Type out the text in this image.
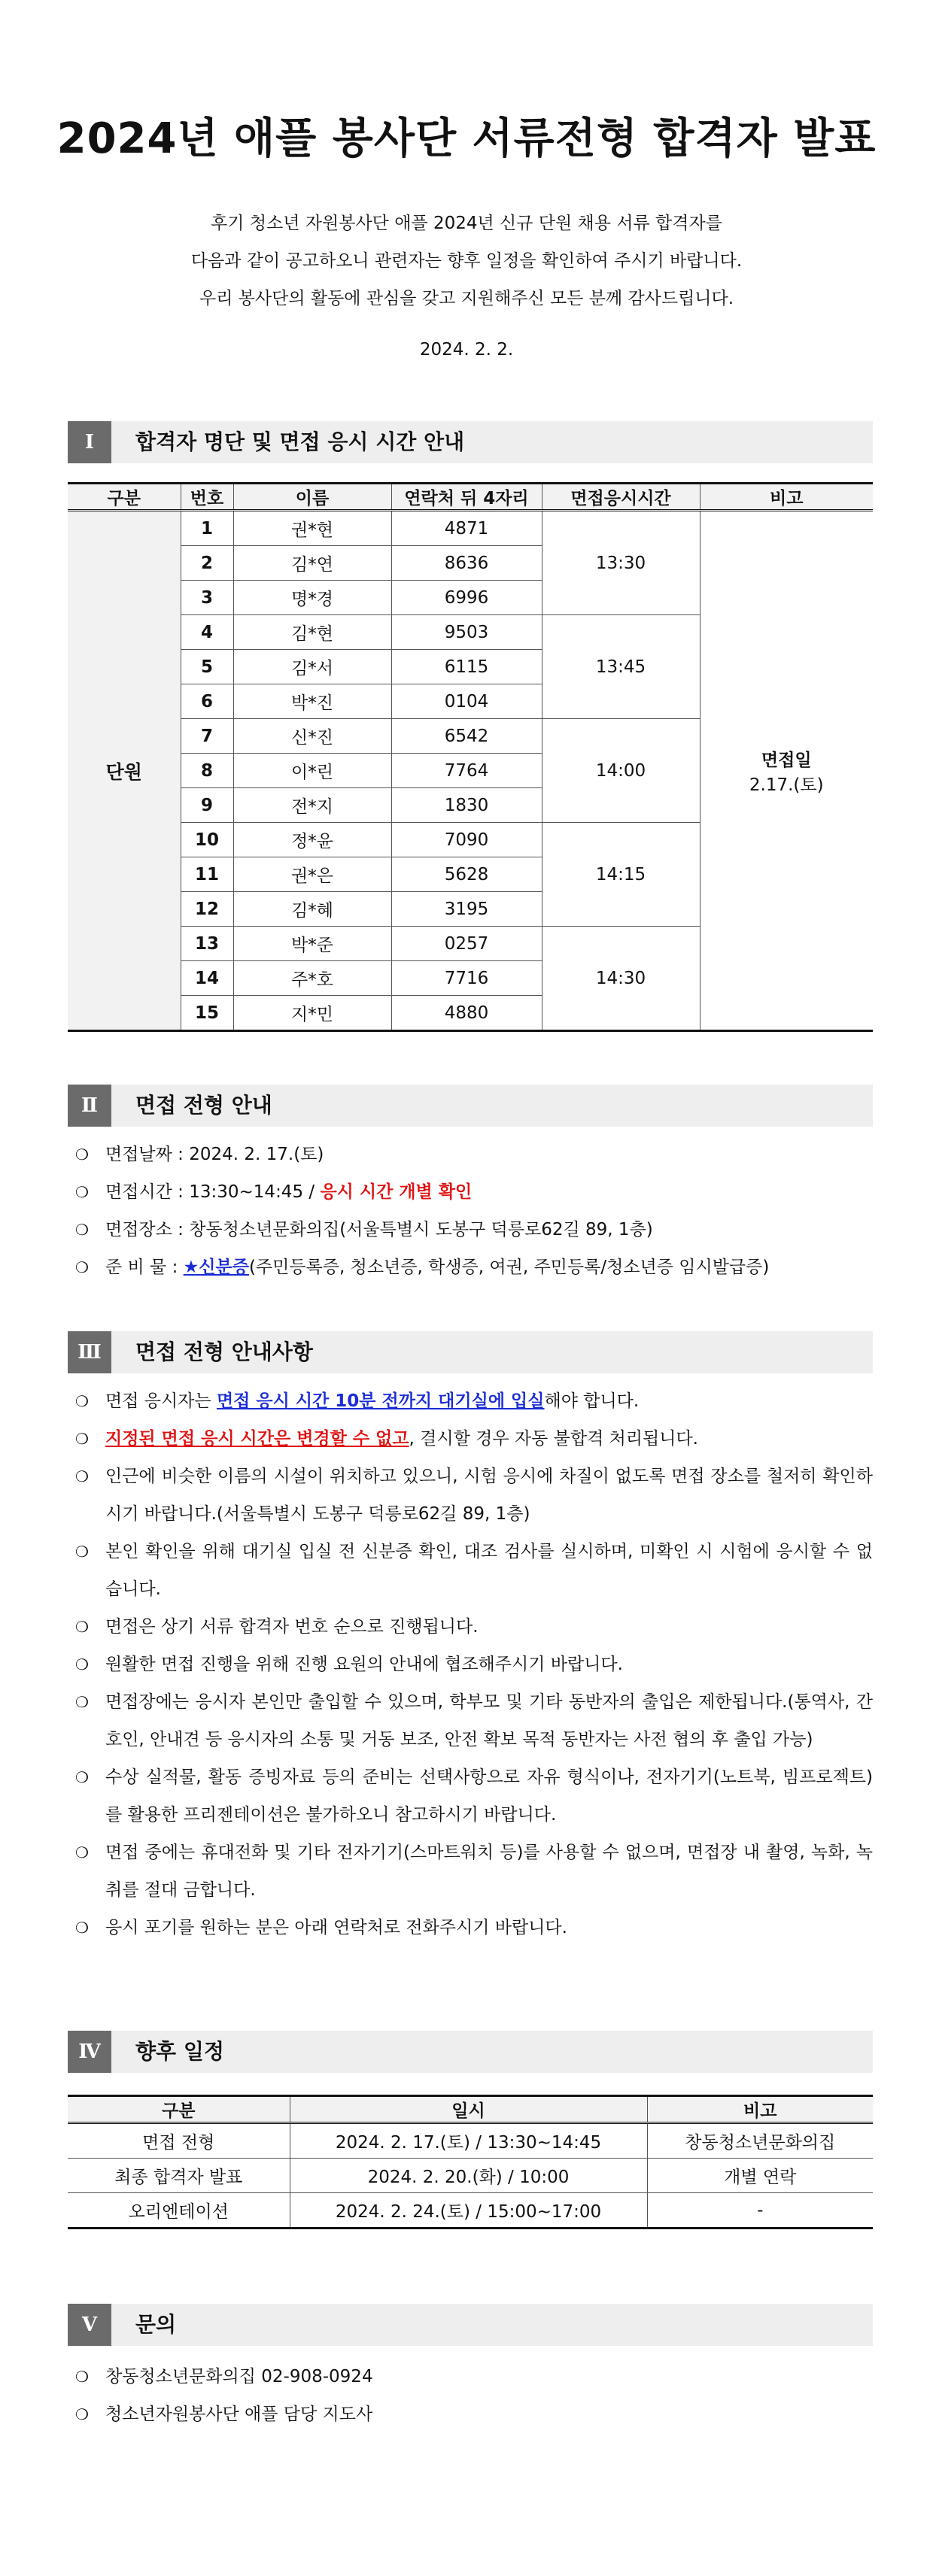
2024년 애플 봉사단 서류전형 합격자 발표
후기 청소년 자원봉사단 애플 2024년 신규 단원 채용 서류 합격자를
다음과 같이 공고하오니 관련자는 향후 일정을 확인하여 주시기 바랍니다.
우리 봉사단의 활동에 관심을 갖고 지원해주신 모든 분께 감사드립니다.
2024. 2. 2.
Ⅰ	합격자 명단 및 면접 응시 시간 안내
구분	번호	이름	연락처 뒤 4자리	면접응시시간	비고
단원	1	권*현	4871	13:30	면접일
2.17.(토)

	2	김*연	8636		
	3	명*경	6996		
	4	김*현	9503	13:45	
	5	김*서	6115		
	6	박*진	0104		
	7	신*진	6542	14:00	
	8	이*린	7764		
	9	전*지	1830		
	10	정*윤	7090	14:15	
	11	권*은	5628		
	12	김*혜	3195		
	13	박*준	0257	14:30	
	14	주*호	7716		
	15	지*민	4880		
Ⅱ	면접 전형 안내
❍ 면접날짜 : 2024. 2. 17.(토)
❍ 면접시간 : 13:30~14:45 / 응시 시간 개별 확인
❍ 면접장소 : 창동청소년문화의집(서울특별시 도봉구 덕릉로62길 89, 1층)
❍ 준 비 물 : ★신분증(주민등록증, 청소년증, 학생증, 여권, 주민등록/청소년증 임시발급증)
Ⅲ	면접 전형 안내사항
❍ 면접 응시자는 면접 응시 시간 10분 전까지 대기실에 입실해야 합니다.
❍ 지정된 면접 응시 시간은 변경할 수 없고, 결시할 경우 자동 불합격 처리됩니다.
❍ 인근에 비슷한 이름의 시설이 위치하고 있으니, 시험 응시에 차질이 없도록 면접 장소를 철저히 확인하시기 바랍니다.(서울특별시 도봉구 덕릉로62길 89, 1층)
❍ 본인 확인을 위해 대기실 입실 전 신분증 확인, 대조 검사를 실시하며, 미확인 시 시험에 응시할 수 없습니다.
❍ 면접은 상기 서류 합격자 번호 순으로 진행됩니다.
❍ 원활한 면접 진행을 위해 진행 요원의 안내에 협조해주시기 바랍니다.
❍ 면접장에는 응시자 본인만 출입할 수 있으며, 학부모 및 기타 동반자의 출입은 제한됩니다.(통역사, 간호인, 안내견 등 응시자의 소통 및 거동 보조, 안전 확보 목적 동반자는 사전 협의 후 출입 가능)
❍ 수상 실적물, 활동 증빙자료 등의 준비는 선택사항으로 자유 형식이나, 전자기기(노트북, 빔프로젝트)를 활용한 프리젠테이션은 불가하오니 참고하시기 바랍니다.
❍ 면접 중에는 휴대전화 및 기타 전자기기(스마트워치 등)를 사용할 수 없으며, 면접장 내 촬영, 녹화, 녹취를 절대 금합니다.
❍ 응시 포기를 원하는 분은 아래 연락처로 전화주시기 바랍니다.
Ⅳ	향후 일정
구분	일시	비고
면접 전형	2024. 2. 17.(토) / 13:30~14:45	창동청소년문화의집
최종 합격자 발표	2024. 2. 20.(화) / 10:00	개별 연락
오리엔테이션	2024. 2. 24.(토) / 15:00~17:00	-
Ⅴ	문의
❍ 창동청소년문화의집 02-908-0924
❍ 청소년자원봉사단 애플 담당 지도사
